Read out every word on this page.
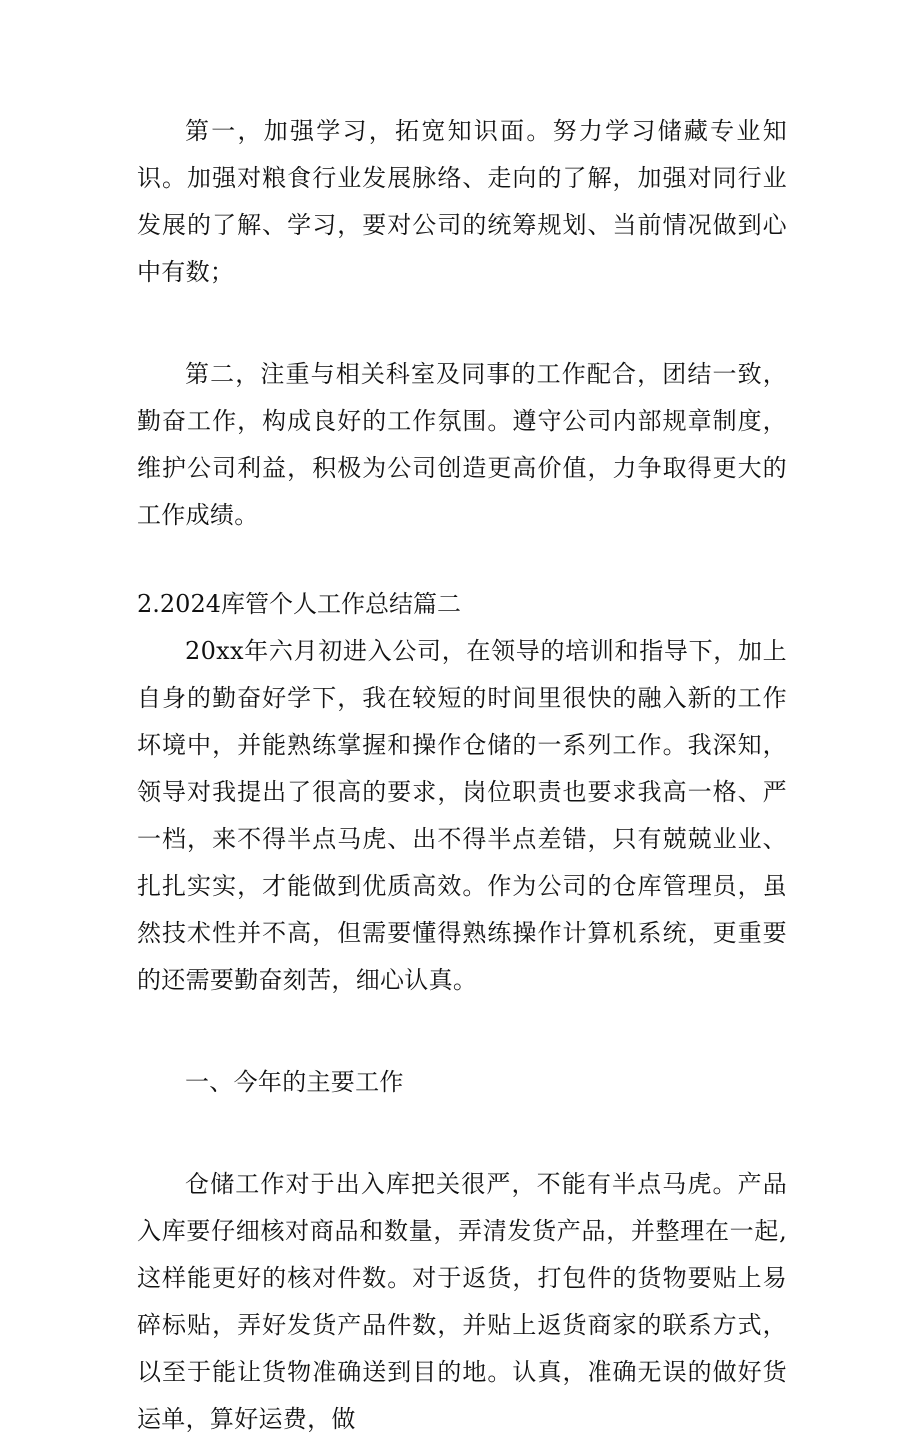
第一，加强学习，拓宽知识面。努力学习储藏专业知识。加强对粮食行业发展脉络、走向的了解，加强对同行业发展的了解、学习，要对公司的统筹规划、当前情况做到心中有数；

第二，注重与相关科室及同事的工作配合，团结一致，勤奋工作，构成良好的工作氛围。遵守公司内部规章制度，维护公司利益，积极为公司创造更高价值，力争取得更大的工作成绩。

2.2024库管个人工作总结篇二

20xx年六月初进入公司，在领导的培训和指导下，加上自身的勤奋好学下，我在较短的时间里很快的融入新的工作坏境中，并能熟练掌握和操作仓储的一系列工作。我深知，领导对我提出了很高的要求，岗位职责也要求我高一格、严一档，来不得半点马虎、出不得半点差错，只有兢兢业业、扎扎实实，才能做到优质高效。作为公司的仓库管理员，虽然技术性并不高，但需要懂得熟练操作计算机系统，更重要的还需要勤奋刻苦，细心认真。

一、今年的主要工作

仓储工作对于出入库把关很严，不能有半点马虎。产品入库要仔细核对商品和数量，弄清发货产品，并整理在一起,这样能更好的核对件数。对于返货，打包件的货物要贴上易碎标贴，弄好发货产品件数，并贴上返货商家的联系方式，以至于能让货物准确送到目的地。认真，准确无误的做好货运单，算好运费，做
